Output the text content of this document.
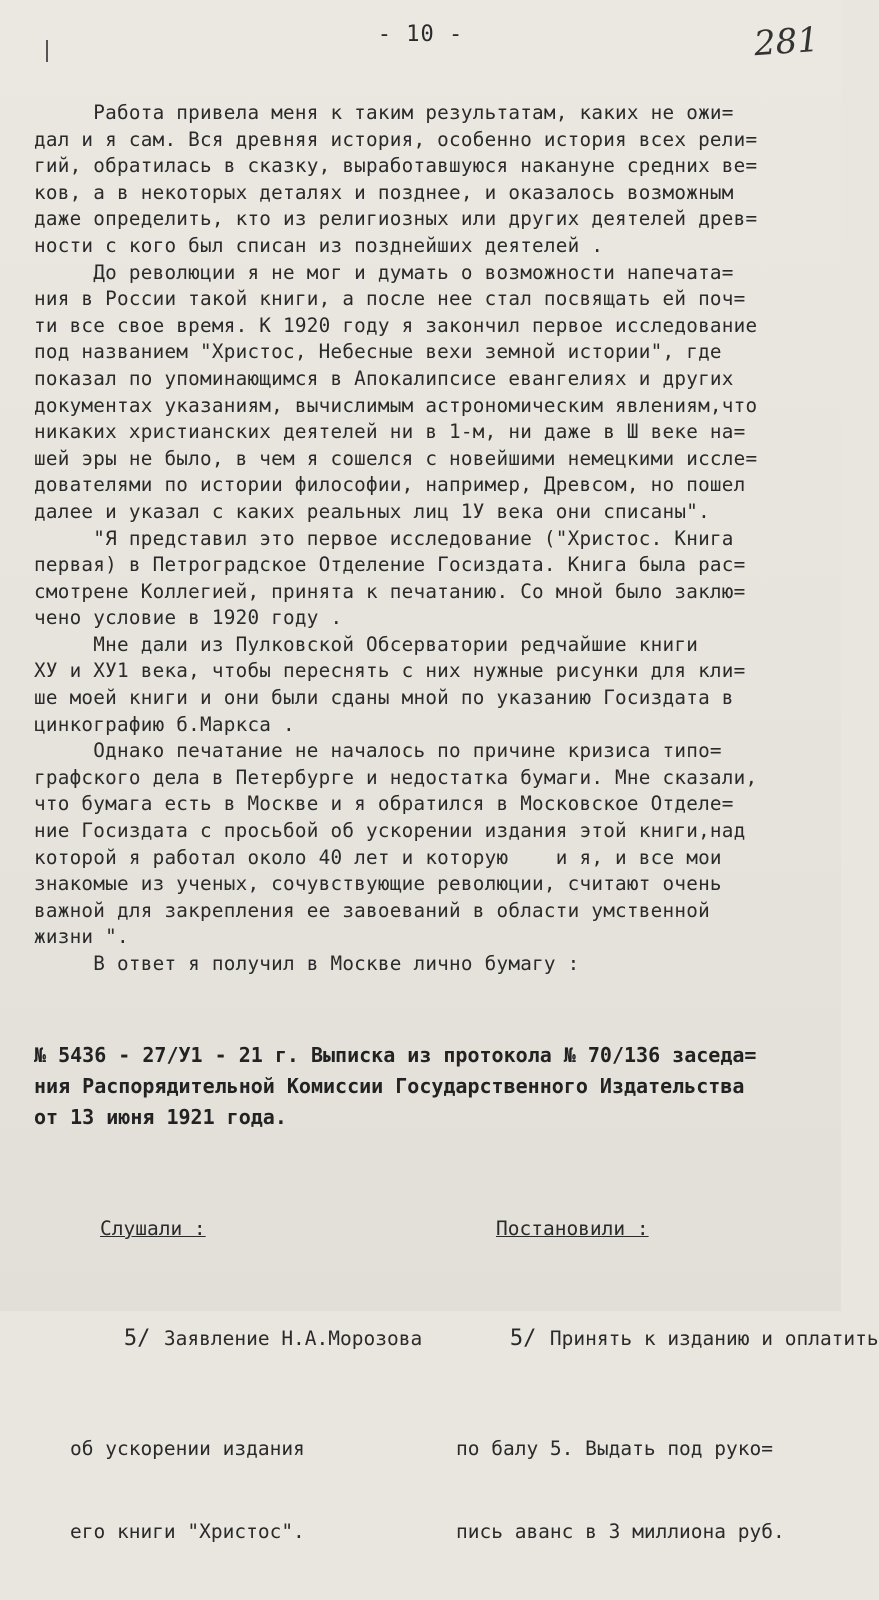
- 10 -	281
Работа привела меня к таким результатам, каких не ожи=
дал и я сам. Вся древняя история, особенно история всех рели=
гий, обратилась в сказку, выработавшуюся накануне средних ве=
ков, а в некоторых деталях и позднее, и оказалось возможным
даже определить, кто из религиозных или других деятелей древ=
ности с кого был списан из позднейших деятелей .
До революции я не мог и думать о возможности напечата=
ния в России такой книги, а после нее стал посвящать ей поч=
ти все свое время. К 1920 году я закончил первое исследование
под названием "Христос, Небесные вехи земной истории", где
показал по упоминающимся в Апокалипсисе евангелиях и других
документах указаниям, вычислимым астрономическим явлениям,что
никаких христианских деятелей ни в 1-м, ни даже в Ш веке на=
шей эры не было, в чем я сошелся с новейшими немецкими иссле=
дователями по истории философии, например, Древсом, но пошел
далее и указал с каких реальных лиц 1У века они списаны".
"Я представил это первое исследование ("Христос. Книга
первая) в Петроградское Отделение Госиздата. Книга была рас=
смотрене Коллегией, принята к печатанию. Со мной было заклю=
чено условие в 1920 году .
Мне дали из Пулковской Обсерватории редчайшие книги
ХУ и ХУ1 века, чтобы переснять с них нужные рисунки для кли=
ше моей книги и они были сданы мной по указанию Госиздата в
цинкографию б.Маркса .
Однако печатание не началось по причине кризиса типо=
графского дела в Петербурге и недостатка бумаги. Мне сказали,
что бумага есть в Москве и я обратился в Московское Отделе=
ние Госиздата с просьбой об ускорении издания этой книги,над
которой я работал около 40 лет и которую    и я, и все мои
знакомые из ученых, сочувствующие революции, считают очень
важной для закрепления ее завоеваний в области умственной
жизни ".
В ответ я получил в Москве лично бумагу :
№ 5436 - 27/У1 - 21 г. Выписка из протокола № 70/136 заседа=
ния Распорядительной Комиссии Государственного Издательства
от 13 июня 1921 года.

Слушали :

5/ Заявление Н.А.Морозова

об ускорении издания

его книги "Христос".

Постановили :

5/ Принять к изданию и оплатить

по балу 5. Выдать под руко=

пись аванс в 3 миллиона руб.
